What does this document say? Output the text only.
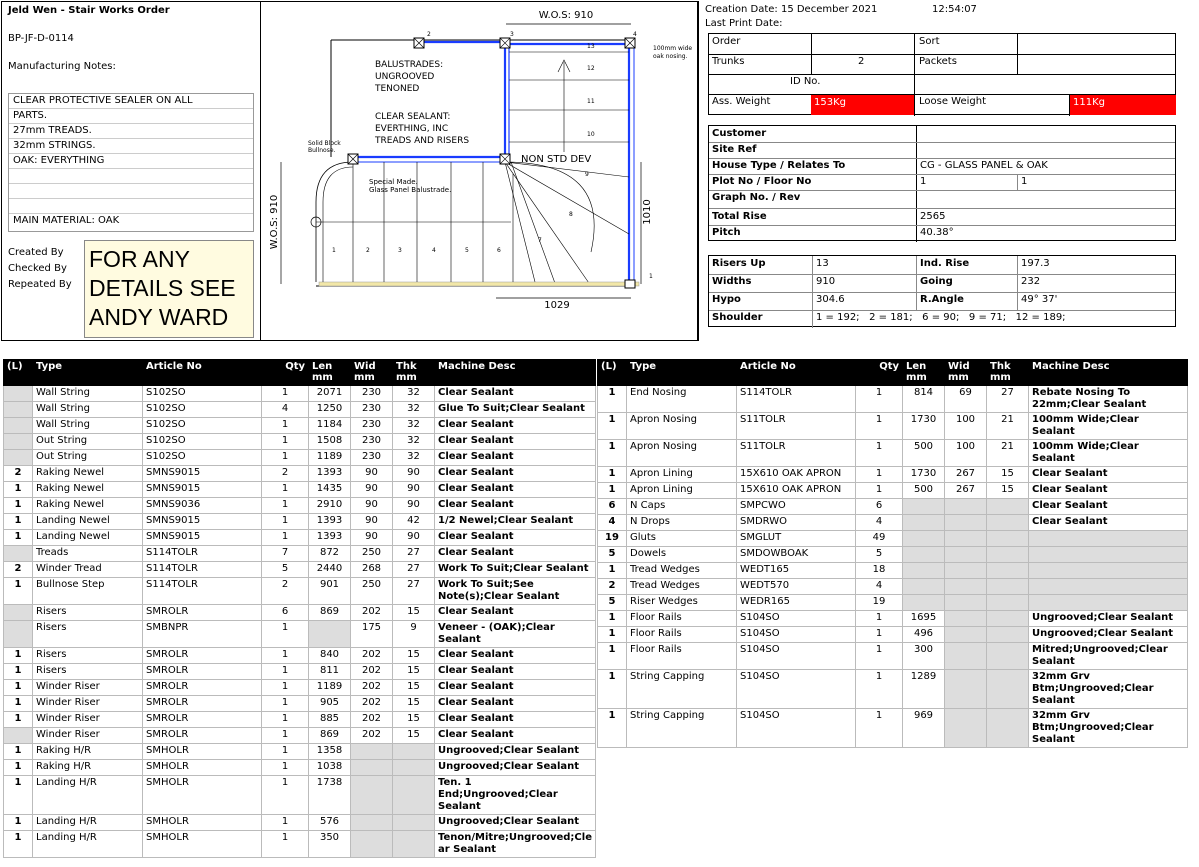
Jeld Wen - Stair Works Order
BP-JF-D-0114
Manufacturing Notes:
CLEAR PROTECTIVE SEALER ON ALL
PARTS.
27mm TREADS.
32mm STRINGS.
OAK: EVERYTHING
MAIN MATERIAL: OAK
Created By
Checked By
Repeated By
FOR ANY
DETAILS SEE
ANDY WARD
W.O.S: 910
2	3	4
1
1	2	3	4	5	6
7
8
9
10
11
12
13
BALUSTRADES: UNGROOVED TENONED
CLEAR SEALANT: EVERTHING, INC TREADS AND RISERS
NON STD DEV
Solid Block Bullnose.
Special Made. Glass Panel Balustrade.
100mm wide oak nosing.
W.O.S: 910
1029
1010
Creation Date: 15 December 2021	12:54:07
Last Print Date:
Order	Sort
Trunks	2	Packets
ID No.
Ass. Weight	153Kg	Loose Weight	111Kg
Customer
Site Ref
House Type / Relates To	CG - GLASS PANEL & OAK
Plot No / Floor No	1	1
Graph No. / Rev
Total Rise	2565
Pitch	40.38°
Risers Up	13	Ind. Rise	197.3
Widths	910	Going	232
Hypo	304.6	R.Angle	49° 37'
Shoulder	1 = 192;   2 = 181;   6 = 90;   9 = 71;   12 = 189;
(L)	Type	Article No	Qty	Len mm	Wid mm	Thk mm	Machine Desc
	Wall String	S102SO	1	2071	230	32	Clear Sealant
	Wall String	S102SO	4	1250	230	32	Glue To Suit;Clear Sealant
	Wall String	S102SO	1	1184	230	32	Clear Sealant
	Out String	S102SO	1	1508	230	32	Clear Sealant
	Out String	S102SO	1	1189	230	32	Clear Sealant
2	Raking Newel	SMNS9015	2	1393	90	90	Clear Sealant
1	Raking Newel	SMNS9015	1	1435	90	90	Clear Sealant
1	Raking Newel	SMNS9036	1	2910	90	90	Clear Sealant
1	Landing Newel	SMNS9015	1	1393	90	42	1/2 Newel;Clear Sealant
1	Landing Newel	SMNS9015	1	1393	90	90	Clear Sealant
	Treads	S114TOLR	7	872	250	27	Clear Sealant
2	Winder Tread	S114TOLR	5	2440	268	27	Work To Suit;Clear Sealant
1	Bullnose Step	S114TOLR	2	901	250	27	Work To Suit;See Note(s);Clear Sealant
	Risers	SMROLR	6	869	202	15	Clear Sealant
	Risers	SMBNPR	1		175	9	Veneer - (OAK);Clear Sealant
1	Risers	SMROLR	1	840	202	15	Clear Sealant
1	Risers	SMROLR	1	811	202	15	Clear Sealant
1	Winder Riser	SMROLR	1	1189	202	15	Clear Sealant
1	Winder Riser	SMROLR	1	905	202	15	Clear Sealant
1	Winder Riser	SMROLR	1	885	202	15	Clear Sealant
	Winder Riser	SMROLR	1	869	202	15	Clear Sealant
1	Raking H/R	SMHOLR	1	1358			Ungrooved;Clear Sealant
1	Raking H/R	SMHOLR	1	1038			Ungrooved;Clear Sealant
1	Landing H/R	SMHOLR	1	1738			Ten. 1 End;Ungrooved;Clear Sealant
1	Landing H/R	SMHOLR	1	576			Ungrooved;Clear Sealant
1	Landing H/R	SMHOLR	1	350			Tenon/Mitre;Ungrooved;Clear Sealant
(L)	Type	Article No	Qty	Len mm	Wid mm	Thk mm	Machine Desc
1	End Nosing	S114TOLR	1	814	69	27	Rebate Nosing To 22mm;Clear Sealant
1	Apron Nosing	S11TOLR	1	1730	100	21	100mm Wide;Clear Sealant
1	Apron Nosing	S11TOLR	1	500	100	21	100mm Wide;Clear Sealant
1	Apron Lining	15X610 OAK APRON	1	1730	267	15	Clear Sealant
1	Apron Lining	15X610 OAK APRON	1	500	267	15	Clear Sealant
6	N Caps	SMPCWO	6				Clear Sealant
4	N Drops	SMDRWO	4				Clear Sealant
19	Gluts	SMGLUT	49				
5	Dowels	SMDOWBOAK	5				
1	Tread Wedges	WEDT165	18				
2	Tread Wedges	WEDT570	4				
5	Riser Wedges	WEDR165	19				
1	Floor Rails	S104SO	1	1695			Ungrooved;Clear Sealant
1	Floor Rails	S104SO	1	496			Ungrooved;Clear Sealant
1	Floor Rails	S104SO	1	300			Mitred;Ungrooved;Clear Sealant
1	String Capping	S104SO	1	1289			32mm Grv Btm;Ungrooved;Clear Sealant
1	String Capping	S104SO	1	969			32mm Grv Btm;Ungrooved;Clear Sealant
